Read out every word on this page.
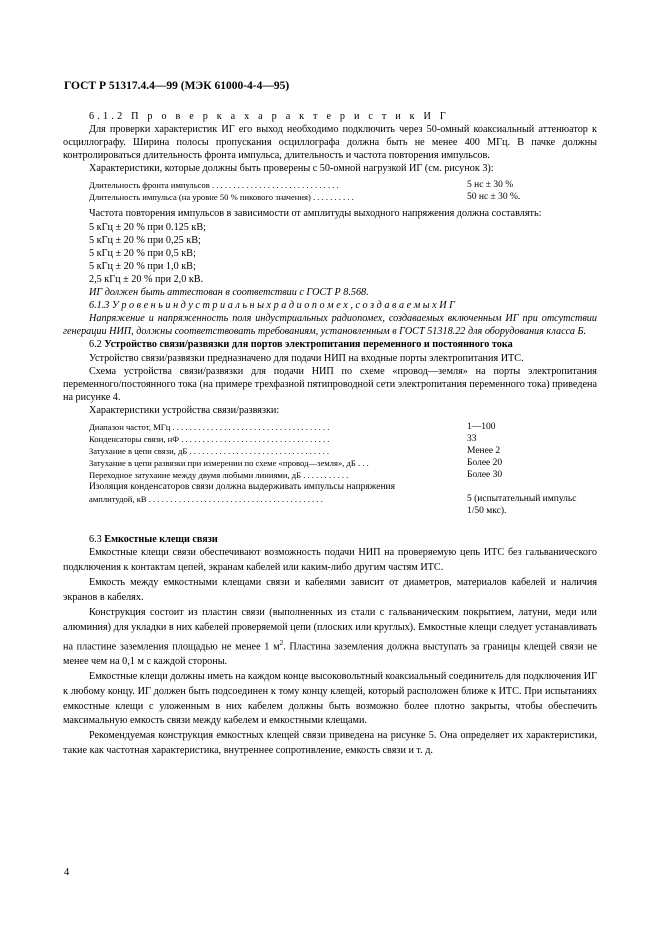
ГОСТ Р 51317.4.4—99 (МЭК 61000-4-4—95)

6.1.2 П р о в е р к а х а р а к т е р и с т и к И Г

Для проверки характеристик ИГ его выход необходимо подключить через 50-омный коаксиальный аттенюатор к осциллографу. Ширина полосы пропускания осциллографа должна быть не менее 400 МГц. В пачке должны контролироваться длительность фронта импульса, длительность и частота повторения импульсов.

Характеристики, которые должны быть проверены с 50-омной нагрузкой ИГ (см. рисунок 3):

Длительность фронта импульсов . . . . . . . . . . . . . . . . . . . . . . . . . . . . . .	5 нс ± 30 %
Длительность импульса (на уровне 50 % пикового значения) . . . . . . . . . .	50 нс ± 30 %.

Частота повторения импульсов в зависимости от амплитуды выходного напряжения должна составлять:

5 кГц ± 20 % при 0.125 кВ;

5 кГц ± 20 % при 0,25 кВ;

5 кГц ± 20 % при 0,5 кВ;

5 кГц ± 20 % при 1,0 кВ;

2,5 кГц ± 20 % при 2,0 кВ.

ИГ должен быть аттестован в соответствии с ГОСТ Р 8.568.

6.1.3 У р о в е н ь и н д у с т р и а л ь н ы х р а д и о п о м е х , с о з д а в а е м ы х И Г

Напряжение и напряженность поля индустриальных радиопомех, создаваемых включенным ИГ при отсутствии генерации НИП, должны соответствовать требованиям, установленным в ГОСТ 51318.22 для оборудования класса Б.

6.2 Устройство связи/развязки для портов электропитания переменного и постоянного тока

Устройство связи/развязки предназначено для подачи НИП на входные порты электропитания ИТС.

Схема устройства связи/развязки для подачи НИП по схеме «провод—земля» на порты электропитания переменного/постоянного тока (на примере трехфазной пятипроводной сети электропитания переменного тока) приведена на рисунке 4.

Характеристики устройства связи/развязки:

Диапазон частот, МГц . . . . . . . . . . . . . . . . . . . . . . . . . . . . . . . . . . . . .	1—100
Конденсаторы связи, нФ . . . . . . . . . . . . . . . . . . . . . . . . . . . . . . . . . . .	33
Затухание в цепи связи, дБ . . . . . . . . . . . . . . . . . . . . . . . . . . . . . . . . .	Менее 2
Затухание в цепи развязки при измерении по схеме «провод—земля», дБ . . .	Более 20
Переходное затухание между двумя любыми линиями, дБ . . . . . . . . . . .	Более 30
Изоляция конденсаторов связи должна выдерживать импульсы напряжения
амплитудой, кВ . . . . . . . . . . . . . . . . . . . . . . . . . . . . . . . . . . . . . . . . .	5 (испытательный импульс
1/50 мкс).

6.3 Емкостные клещи связи

Емкостные клещи связи обеспечивают возможность подачи НИП на проверяемую цепь ИТС без гальванического подключения к контактам цепей, экранам кабелей или каким-либо другим частям ИТС.

Емкость между емкостными клещами связи и кабелями зависит от диаметров, материалов кабелей и наличия экранов в кабелях.

Конструкция состоит из пластин связи (выполненных из стали с гальваническим покрытием, латуни, меди или алюминия) для укладки в них кабелей проверяемой цепи (плоских или круглых). Емкостные клещи следует устанавливать на пластине заземления площадью не менее 1 $м^2$. Пластина заземления должна выступать за границы клещей связи не менее чем на 0,1 м с каждой стороны.

Емкостные клещи должны иметь на каждом конце высоковольтный коаксиальный соединитель для подключения ИГ к любому концу. ИГ должен быть подсоединен к тому концу клещей, который расположен ближе к ИТС. При испытаниях емкостные клещи с уложенным в них кабелем должны быть возможно более плотно закрыты, чтобы обеспечить максимальную емкость связи между кабелем и емкостными клещами.

Рекомендуемая конструкция емкостных клещей связи приведена на рисунке 5. Она определяет их характеристики, такие как частотная характеристика, внутреннее сопротивление, емкость связи и т. д.

4
